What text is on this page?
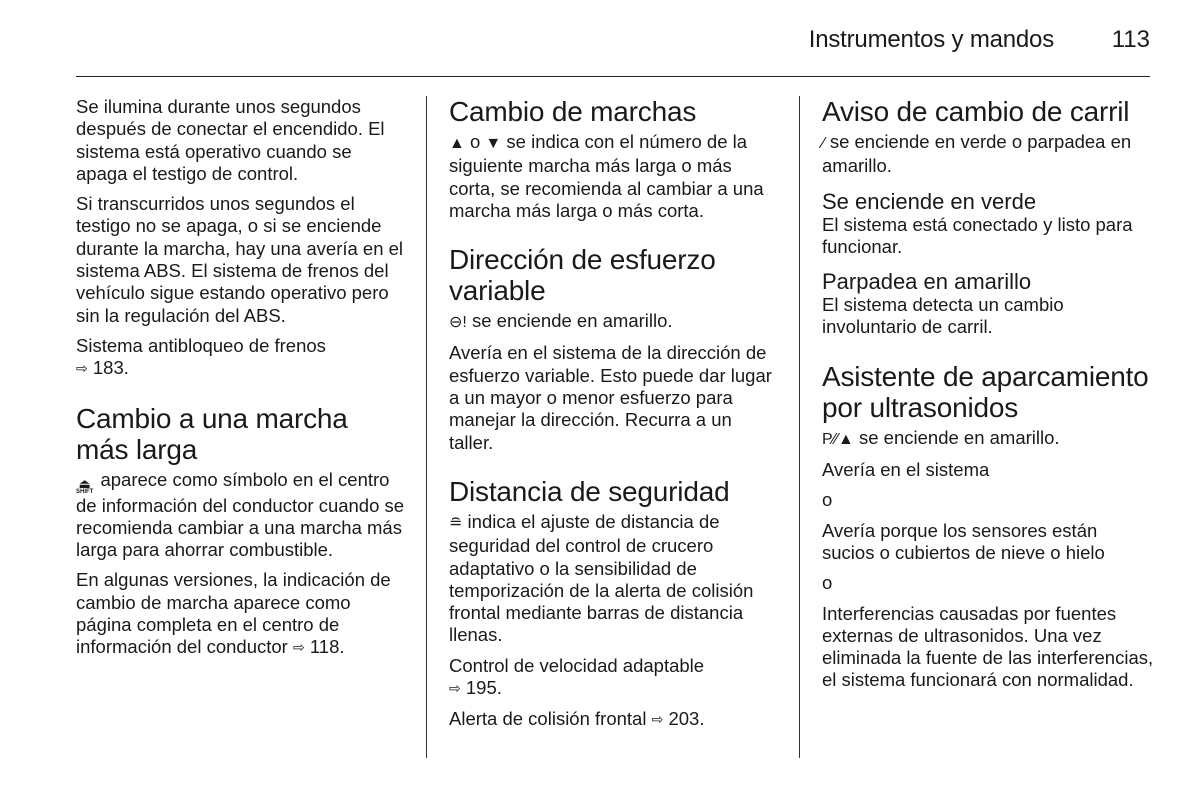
Instrumentos y mandos 113

Se ilumina durante unos segundos después de conectar el encendido. El sistema está operativo cuando se apaga el testigo de control.

Si transcurridos unos segundos el testigo no se apaga, o si se enciende durante la marcha, hay una avería en el sistema ABS. El sistema de frenos del vehículo sigue estando operativo pero sin la regulación del ABS.

Sistema antibloqueo de frenos
⇨ 183.

Cambio a una marcha más larga

⏏
SHIFT
aparece como símbolo en el centro de información del conductor cuando se recomienda cambiar a una marcha más larga para ahorrar combustible.

En algunas versiones, la indicación de cambio de marcha aparece como página completa en el centro de información del conductor ⇨ 118.

Cambio de marchas

▲ o ▼ se indica con el número de la siguiente marcha más larga o más corta, se recomienda al cambiar a una marcha más larga o más corta.

Dirección de esfuerzo variable

⊖! se enciende en amarillo.

Avería en el sistema de la dirección de esfuerzo variable. Esto puede dar lugar a un mayor o menor esfuerzo para manejar la dirección. Recurra a un taller.

Distancia de seguridad

≘ indica el ajuste de distancia de seguridad del control de crucero adaptativo o la sensibilidad de temporización de la alerta de colisión frontal mediante barras de distancia llenas.

Control de velocidad adaptable
⇨ 195.

Alerta de colisión frontal ⇨ 203.

Aviso de cambio de carril

⁄ se enciende en verde o parpadea en amarillo.

Se enciende en verde

El sistema está conectado y listo para funcionar.

Parpadea en amarillo

El sistema detecta un cambio involuntario de carril.

Asistente de aparcamiento por ultrasonidos

P⁄⁄▲ se enciende en amarillo.

Avería en el sistema

o

Avería porque los sensores están sucios o cubiertos de nieve o hielo

o

Interferencias causadas por fuentes externas de ultrasonidos. Una vez eliminada la fuente de las interferencias, el sistema funcionará con normalidad.
